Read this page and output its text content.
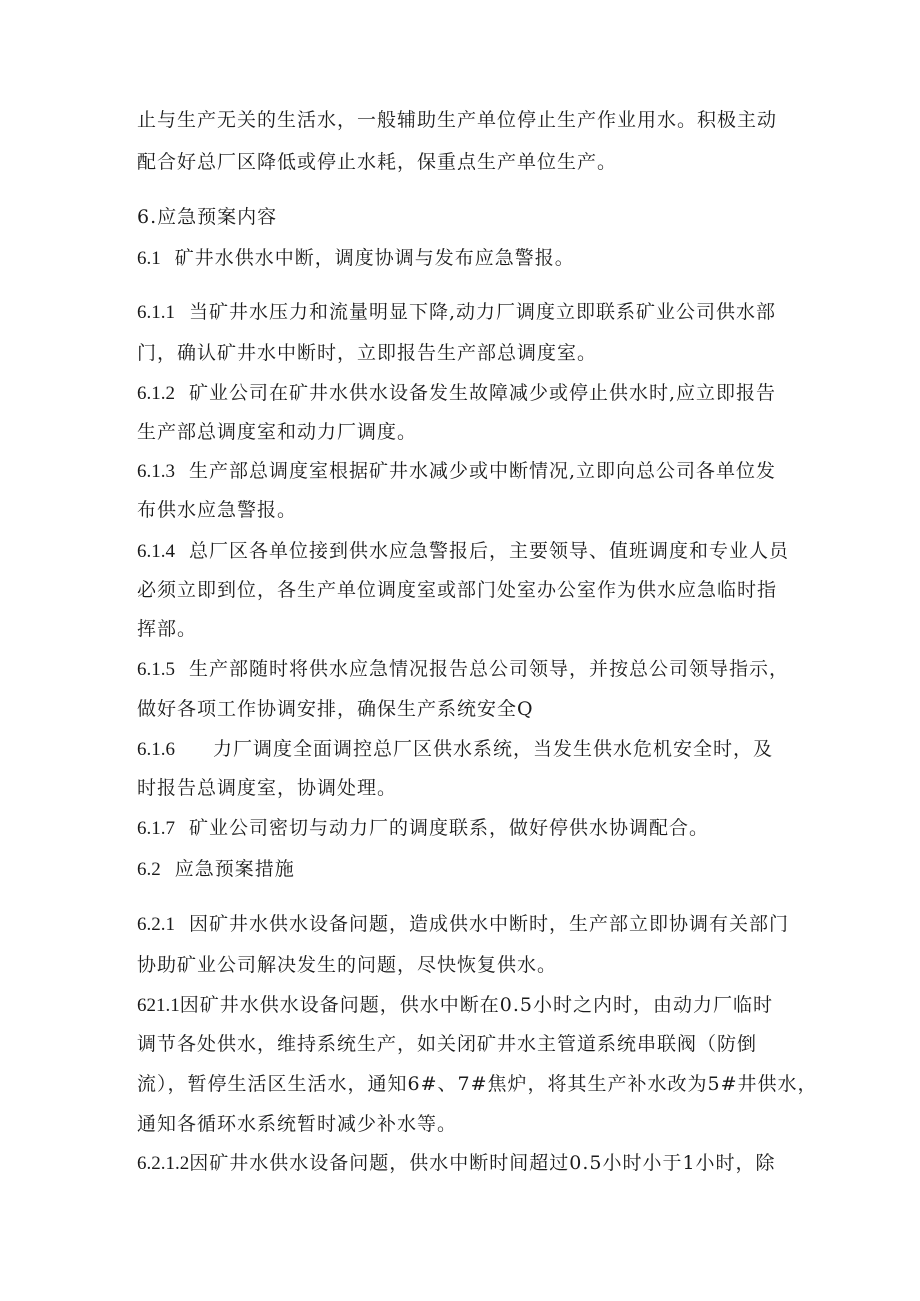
止与生产无关的生活水，一般辅助生产单位停止生产作业用水。积极主动
配合好总厂区降低或停止水耗，保重点生产单位生产。
6.应急预案内容
6.1 矿井水供水中断，调度协调与发布应急警报。
6.1.1 当矿井水压力和流量明显下降,动力厂调度立即联系矿业公司供水部
门，确认矿井水中断时，立即报告生产部总调度室。
6.1.2 矿业公司在矿井水供水设备发生故障减少或停止供水时,应立即报告
生产部总调度室和动力厂调度。
6.1.3 生产部总调度室根据矿井水减少或中断情况,立即向总公司各单位发
布供水应急警报。
6.1.4 总厂区各单位接到供水应急警报后，主要领导、值班调度和专业人员
必须立即到位，各生产单位调度室或部门处室办公室作为供水应急临时指
挥部。
6.1.5 生产部随时将供水应急情况报告总公司领导，并按总公司领导指示，
做好各项工作协调安排，确保生产系统安全Q
6.1.6 力厂调度全面调控总厂区供水系统，当发生供水危机安全时，及
时报告总调度室，协调处理。
6.1.7 矿业公司密切与动力厂的调度联系，做好停供水协调配合。
6.2 应急预案措施
6.2.1 因矿井水供水设备问题，造成供水中断时，生产部立即协调有关部门
协助矿业公司解决发生的问题，尽快恢复供水。
621.1因矿井水供水设备问题，供水中断在0.5小时之内时，由动力厂临时
调节各处供水，维持系统生产，如关闭矿井水主管道系统串联阀（防倒
流），暂停生活区生活水，通知6#、7#焦炉，将其生产补水改为5#井供水，
通知各循环水系统暂时减少补水等。
6.2.1.2因矿井水供水设备问题，供水中断时间超过0.5小时小于1小时，除
